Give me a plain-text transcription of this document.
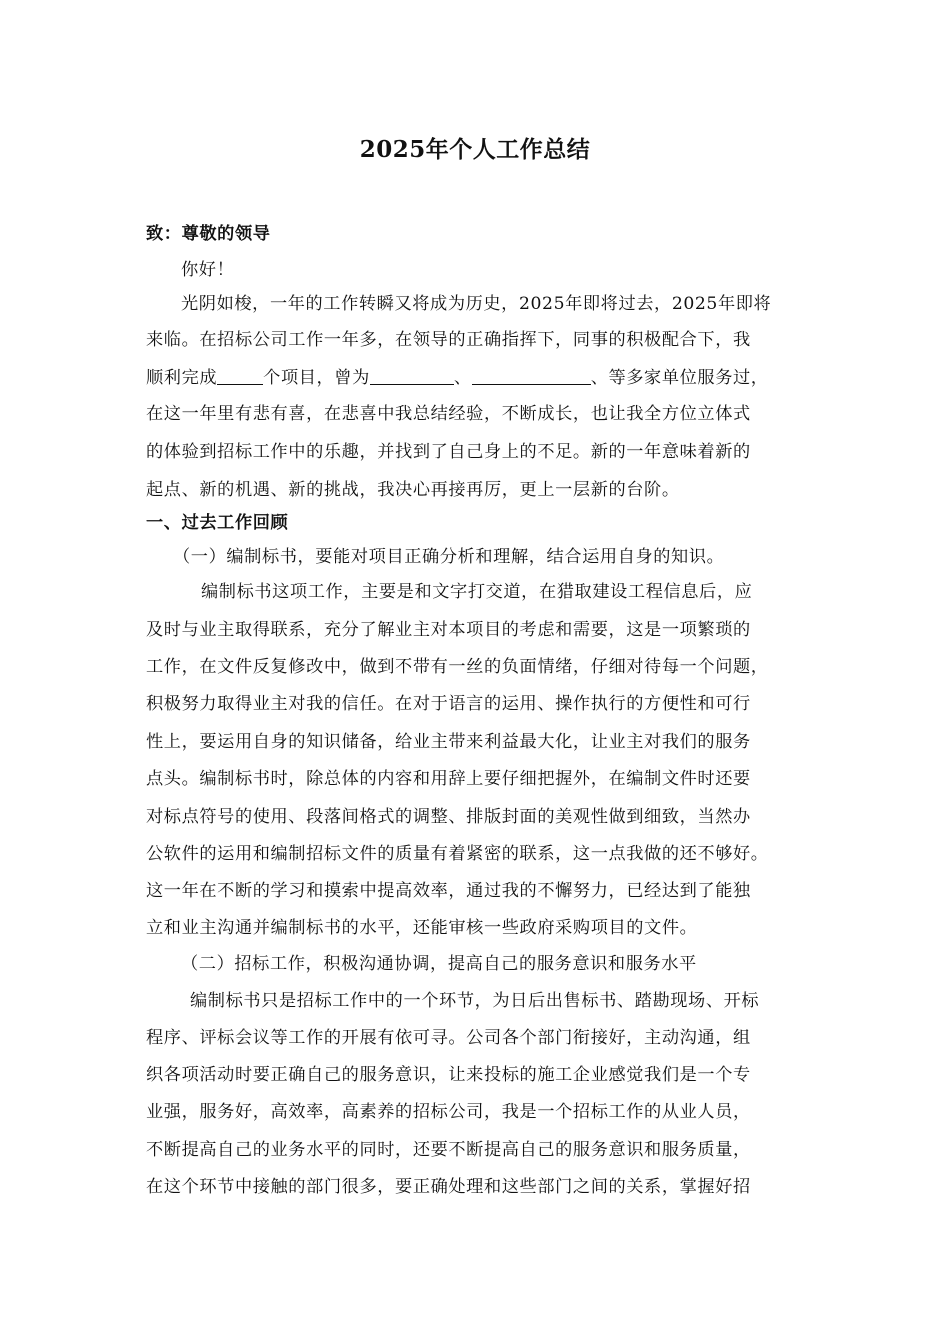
2025年个人工作总结
致：尊敬的领导
你好！
光阴如梭，一年的工作转瞬又将成为历史，2025年即将过去，2025年即将
来临。在招标公司工作一年多，在领导的正确指挥下，同事的积极配合下，我
顺利完成	个项目，曾为	、	、等多家单位服务过，
在这一年里有悲有喜，在悲喜中我总结经验，不断成长，也让我全方位立体式
的体验到招标工作中的乐趣，并找到了自己身上的不足。新的一年意味着新的
起点、新的机遇、新的挑战，我决心再接再厉，更上一层新的台阶。
一、过去工作回顾
（一）编制标书，要能对项目正确分析和理解，结合运用自身的知识。
编制标书这项工作，主要是和文字打交道，在猎取建设工程信息后，应
及时与业主取得联系，充分了解业主对本项目的考虑和需要，这是一项繁琐的
工作，在文件反复修改中，做到不带有一丝的负面情绪，仔细对待每一个问题，
积极努力取得业主对我的信任。在对于语言的运用、操作执行的方便性和可行
性上，要运用自身的知识储备，给业主带来利益最大化，让业主对我们的服务
点头。编制标书时，除总体的内容和用辞上要仔细把握外，在编制文件时还要
对标点符号的使用、段落间格式的调整、排版封面的美观性做到细致，当然办
公软件的运用和编制招标文件的质量有着紧密的联系，这一点我做的还不够好。
这一年在不断的学习和摸索中提高效率，通过我的不懈努力，已经达到了能独
立和业主沟通并编制标书的水平，还能审核一些政府采购项目的文件。
（二）招标工作，积极沟通协调，提高自己的服务意识和服务水平
编制标书只是招标工作中的一个环节，为日后出售标书、踏勘现场、开标
程序、评标会议等工作的开展有依可寻。公司各个部门衔接好，主动沟通，组
织各项活动时要正确自己的服务意识，让来投标的施工企业感觉我们是一个专
业强，服务好，高效率，高素养的招标公司，我是一个招标工作的从业人员，
不断提高自己的业务水平的同时，还要不断提高自己的服务意识和服务质量，
在这个环节中接触的部门很多，要正确处理和这些部门之间的关系，掌握好招
